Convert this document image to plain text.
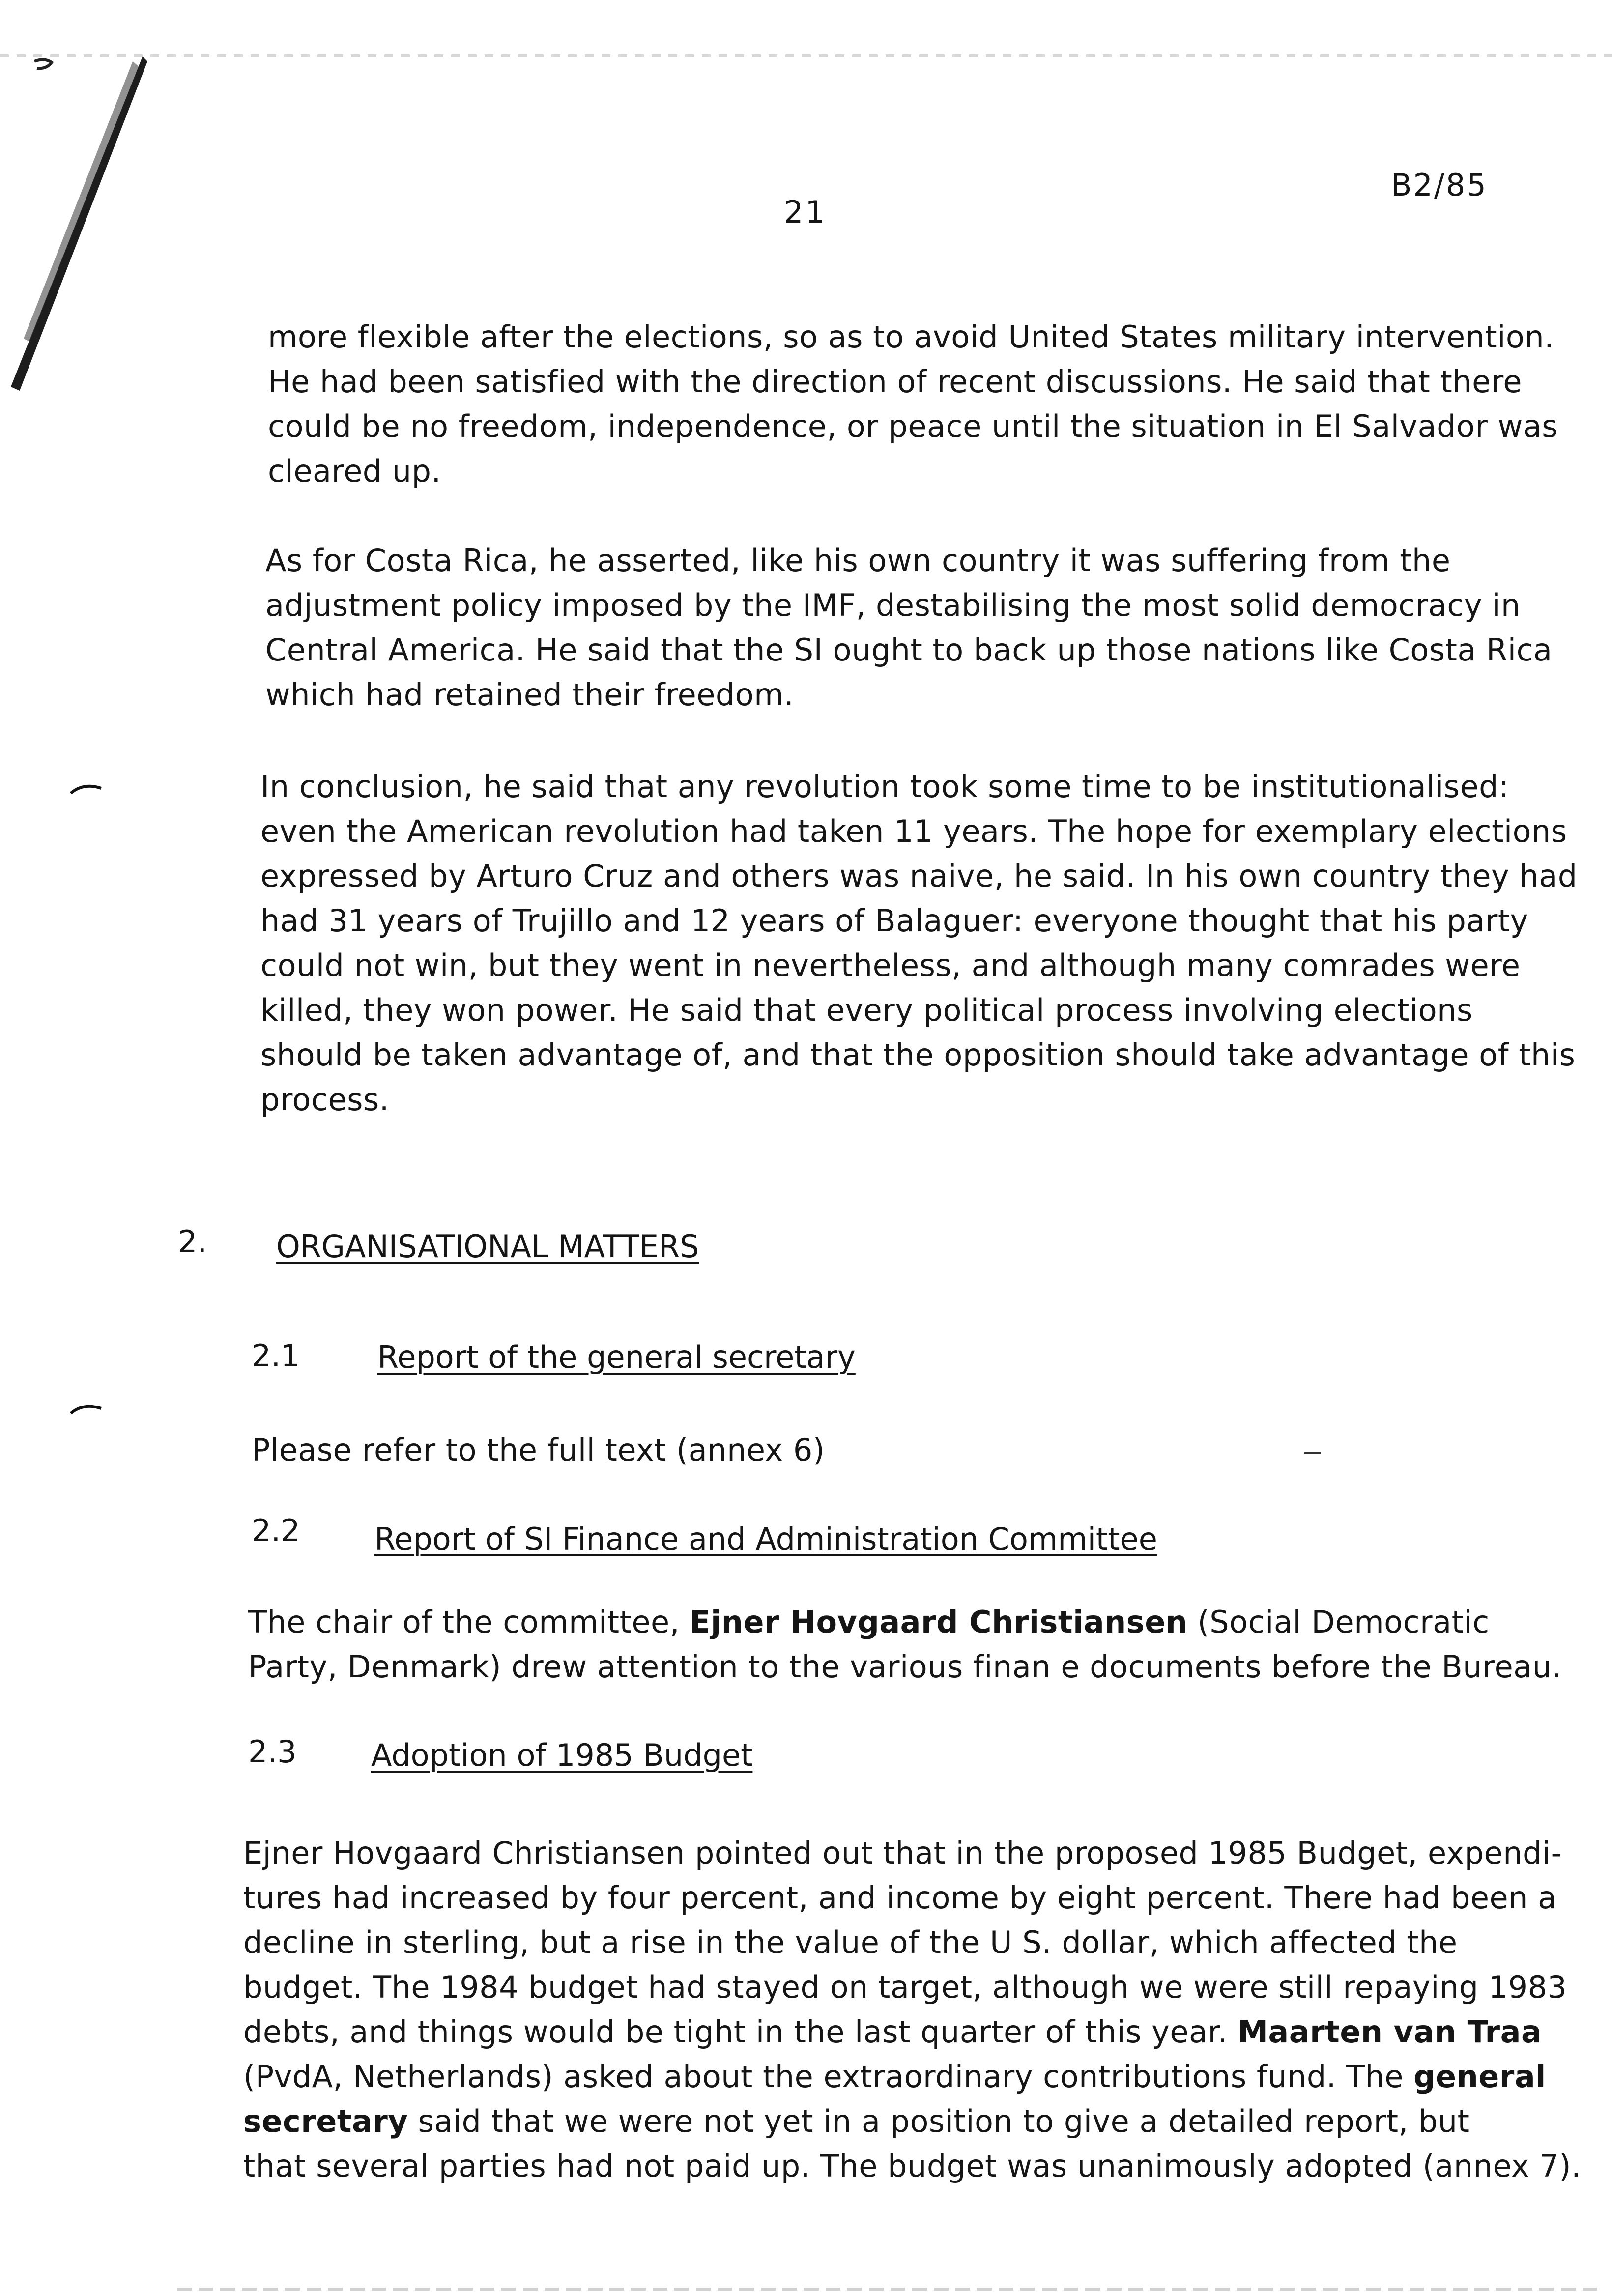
21
B2/85

more flexible after the elections, so as to avoid United States military intervention.
He had been satisfied with the direction of recent discussions. He said that there
could be no freedom, independence, or peace until the situation in El Salvador was
cleared up.

As for Costa Rica, he asserted, like his own country it was suffering from the
adjustment policy imposed by the IMF, destabilising the most solid democracy in
Central America. He said that the SI ought to back up those nations like Costa Rica
which had retained their freedom.

In conclusion, he said that any revolution took some time to be institutionalised:
even the American revolution had taken 11 years. The hope for exemplary elections
expressed by Arturo Cruz and others was naive, he said. In his own country they had
had 31 years of Trujillo and 12 years of Balaguer: everyone thought that his party
could not win, but they went in nevertheless, and although many comrades were
killed, they won power. He said that every political process involving elections
should be taken advantage of, and that the opposition should take advantage of this
process.

2. ORGANISATIONAL MATTERS
2.1	Report of the general secretary

Please refer to the full text (annex 6)

2.2 Report of SI Finance and Administration Committee

The chair of the committee, Ejner Hovgaard Christiansen (Social Democratic
Party, Denmark) drew attention to the various finan e documents before the Bureau.

2.3 Adoption of 1985 Budget

Ejner Hovgaard Christiansen pointed out that in the proposed 1985 Budget, expendi-
tures had increased by four percent, and income by eight percent. There had been a
decline in sterling, but a rise in the value of the U S. dollar, which affected the
budget. The 1984 budget had stayed on target, although we were still repaying 1983
debts, and things would be tight in the last quarter of this year. Maarten van Traa
(PvdA, Netherlands) asked about the extraordinary contributions fund. The general
secretary said that we were not yet in a position to give a detailed report, but
that several parties had not paid up. The budget was unanimously adopted (annex 7).
